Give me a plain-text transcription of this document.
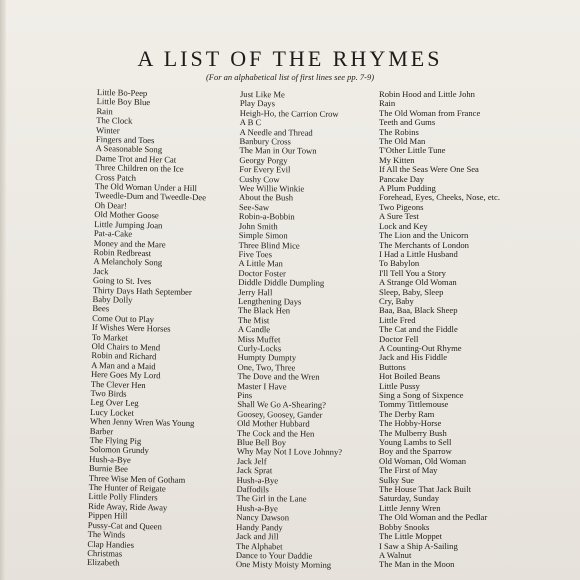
A LIST OF THE RHYMES

(For an alphabetical list of first lines see pp. 7-9)

Little Bo-Peep
Little Boy Blue
Rain
The Clock
Winter
Fingers and Toes
A Seasonable Song
Dame Trot and Her Cat
Three Children on the Ice
Cross Patch
The Old Woman Under a Hill
Tweedle-Dum and Tweedle-Dee
Oh Dear!
Old Mother Goose
Little Jumping Joan
Pat-a-Cake
Money and the Mare
Robin Redbreast
A Melancholy Song
Jack
Going to St. Ives
Thirty Days Hath September
Baby Dolly
Bees
Come Out to Play
If Wishes Were Horses
To Market
Old Chairs to Mend
Robin and Richard
A Man and a Maid
Here Goes My Lord
The Clever Hen
Two Birds
Leg Over Leg
Lucy Locket
When Jenny Wren Was Young
Barber
The Flying Pig
Solomon Grundy
Hush-a-Bye
Burnie Bee
Three Wise Men of Gotham
The Hunter of Reigate
Little Polly Flinders
Ride Away, Ride Away
Pippen Hill
Pussy-Cat and Queen
The Winds
Clap Handies
Christmas
Elizabeth
Just Like Me
Play Days
Heigh-Ho, the Carrion Crow
A B C
A Needle and Thread
Banbury Cross
The Man in Our Town
Georgy Porgy
For Every Evil
Cushy Cow
Wee Willie Winkie
About the Bush
See-Saw
Robin-a-Bobbin
John Smith
Simple Simon
Three Blind Mice
Five Toes
A Little Man
Doctor Foster
Diddle Diddle Dumpling
Jerry Hall
Lengthening Days
The Black Hen
The Mist
A Candle
Miss Muffet
Curly-Locks
Humpty Dumpty
One, Two, Three
The Dove and the Wren
Master I Have
Pins
Shall We Go A-Shearing?
Goosey, Goosey, Gander
Old Mother Hubbard
The Cock and the Hen
Blue Bell Boy
Why May Not I Love Johnny?
Jack Jelf
Jack Sprat
Hush-a-Bye
Daffodils
The Girl in the Lane
Hush-a-Bye
Nancy Dawson
Handy Pandy
Jack and Jill
The Alphabet
Dance to Your Daddie
One Misty Moisty Morning
Robin Hood and Little John
Rain
The Old Woman from France
Teeth and Gums
The Robins
The Old Man
T'Other Little Tune
My Kitten
If All the Seas Were One Sea
Pancake Day
A Plum Pudding
Forehead, Eyes, Cheeks, Nose, etc.
Two Pigeons
A Sure Test
Lock and Key
The Lion and the Unicorn
The Merchants of London
I Had a Little Husband
To Babylon
I'll Tell You a Story
A Strange Old Woman
Sleep, Baby, Sleep
Cry, Baby
Baa, Baa, Black Sheep
Little Fred
The Cat and the Fiddle
Doctor Fell
A Counting-Out Rhyme
Jack and His Fiddle
Buttons
Hot Boiled Beans
Little Pussy
Sing a Song of Sixpence
Tommy Tittlemouse
The Derby Ram
The Hobby-Horse
The Mulberry Bush
Young Lambs to Sell
Boy and the Sparrow
Old Woman, Old Woman
The First of May
Sulky Sue
The House That Jack Built
Saturday, Sunday
Little Jenny Wren
The Old Woman and the Pedlar
Bobby Snooks
The Little Moppet
I Saw a Ship A-Sailing
A Walnut
The Man in the Moon
